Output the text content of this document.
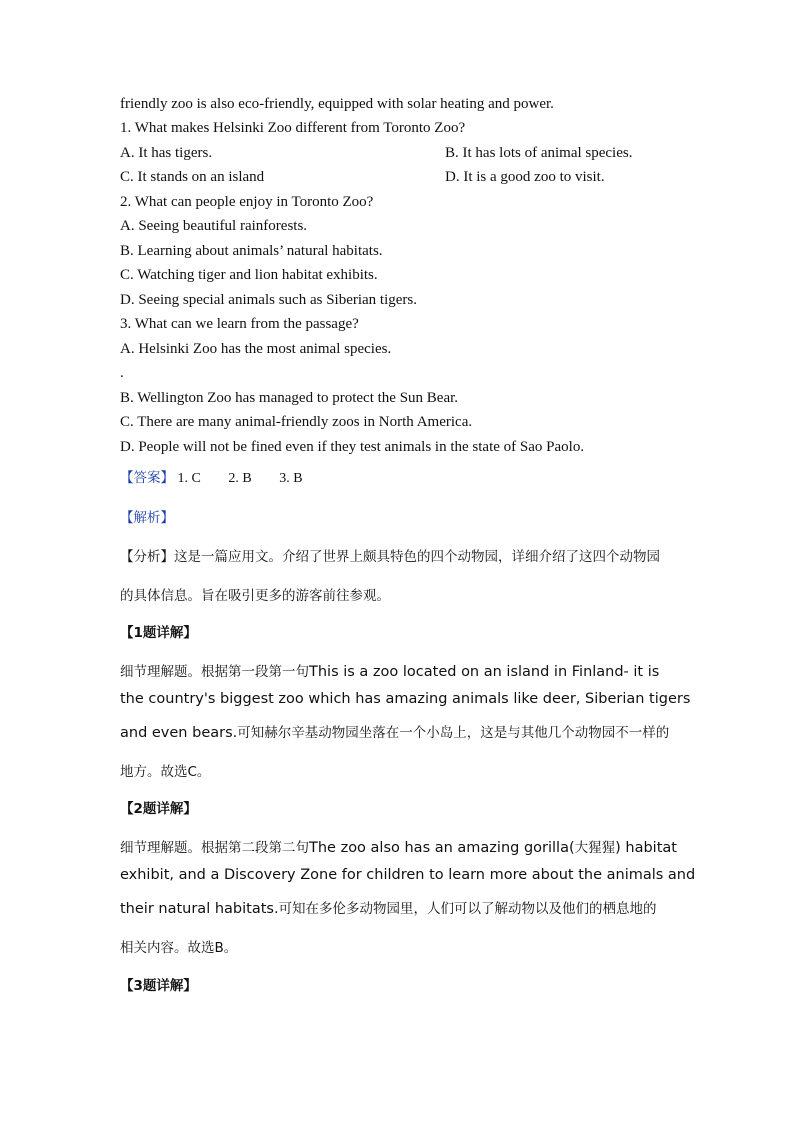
friendly zoo is also eco-friendly, equipped with solar heating and power.
1. What makes Helsinki Zoo different from Toronto Zoo?
A. It has tigers.	B. It has lots of animal species.
C. It stands on an island	D. It is a good zoo to visit.
2. What can people enjoy in Toronto Zoo?
A. Seeing beautiful rainforests.
B. Learning about animals’ natural habitats.
C. Watching tiger and lion habitat exhibits.
D. Seeing special animals such as Siberian tigers.
3. What can we learn from the passage?
A. Helsinki Zoo has the most animal species.
.
B. Wellington Zoo has managed to protect the Sun Bear.
C. There are many animal-friendly zoos in North America.
D. People will not be fined even if they test animals in the state of Sao Paolo.
【答案】 1. C 2. B 3. B
【解析】
【分析】这是一篇应用文。介绍了世界上颇具特色的四个动物园，详细介绍了这四个动物园
的具体信息。旨在吸引更多的游客前往参观。
【1题详解】
细节理解题。根据第一段第一句This is a zoo located on an island in Finland- it is
the country's biggest zoo which has amazing animals like deer, Siberian tigers
and even bears.可知赫尔辛基动物园坐落在一个小岛上，这是与其他几个动物园不一样的
地方。故选C。
【2题详解】
细节理解题。根据第二段第二句The zoo also has an amazing gorilla(大猩猩) habitat
exhibit, and a Discovery Zone for children to learn more about the animals and
their natural habitats.可知在多伦多动物园里，人们可以了解动物以及他们的栖息地的
相关内容。故选B。
【3题详解】
